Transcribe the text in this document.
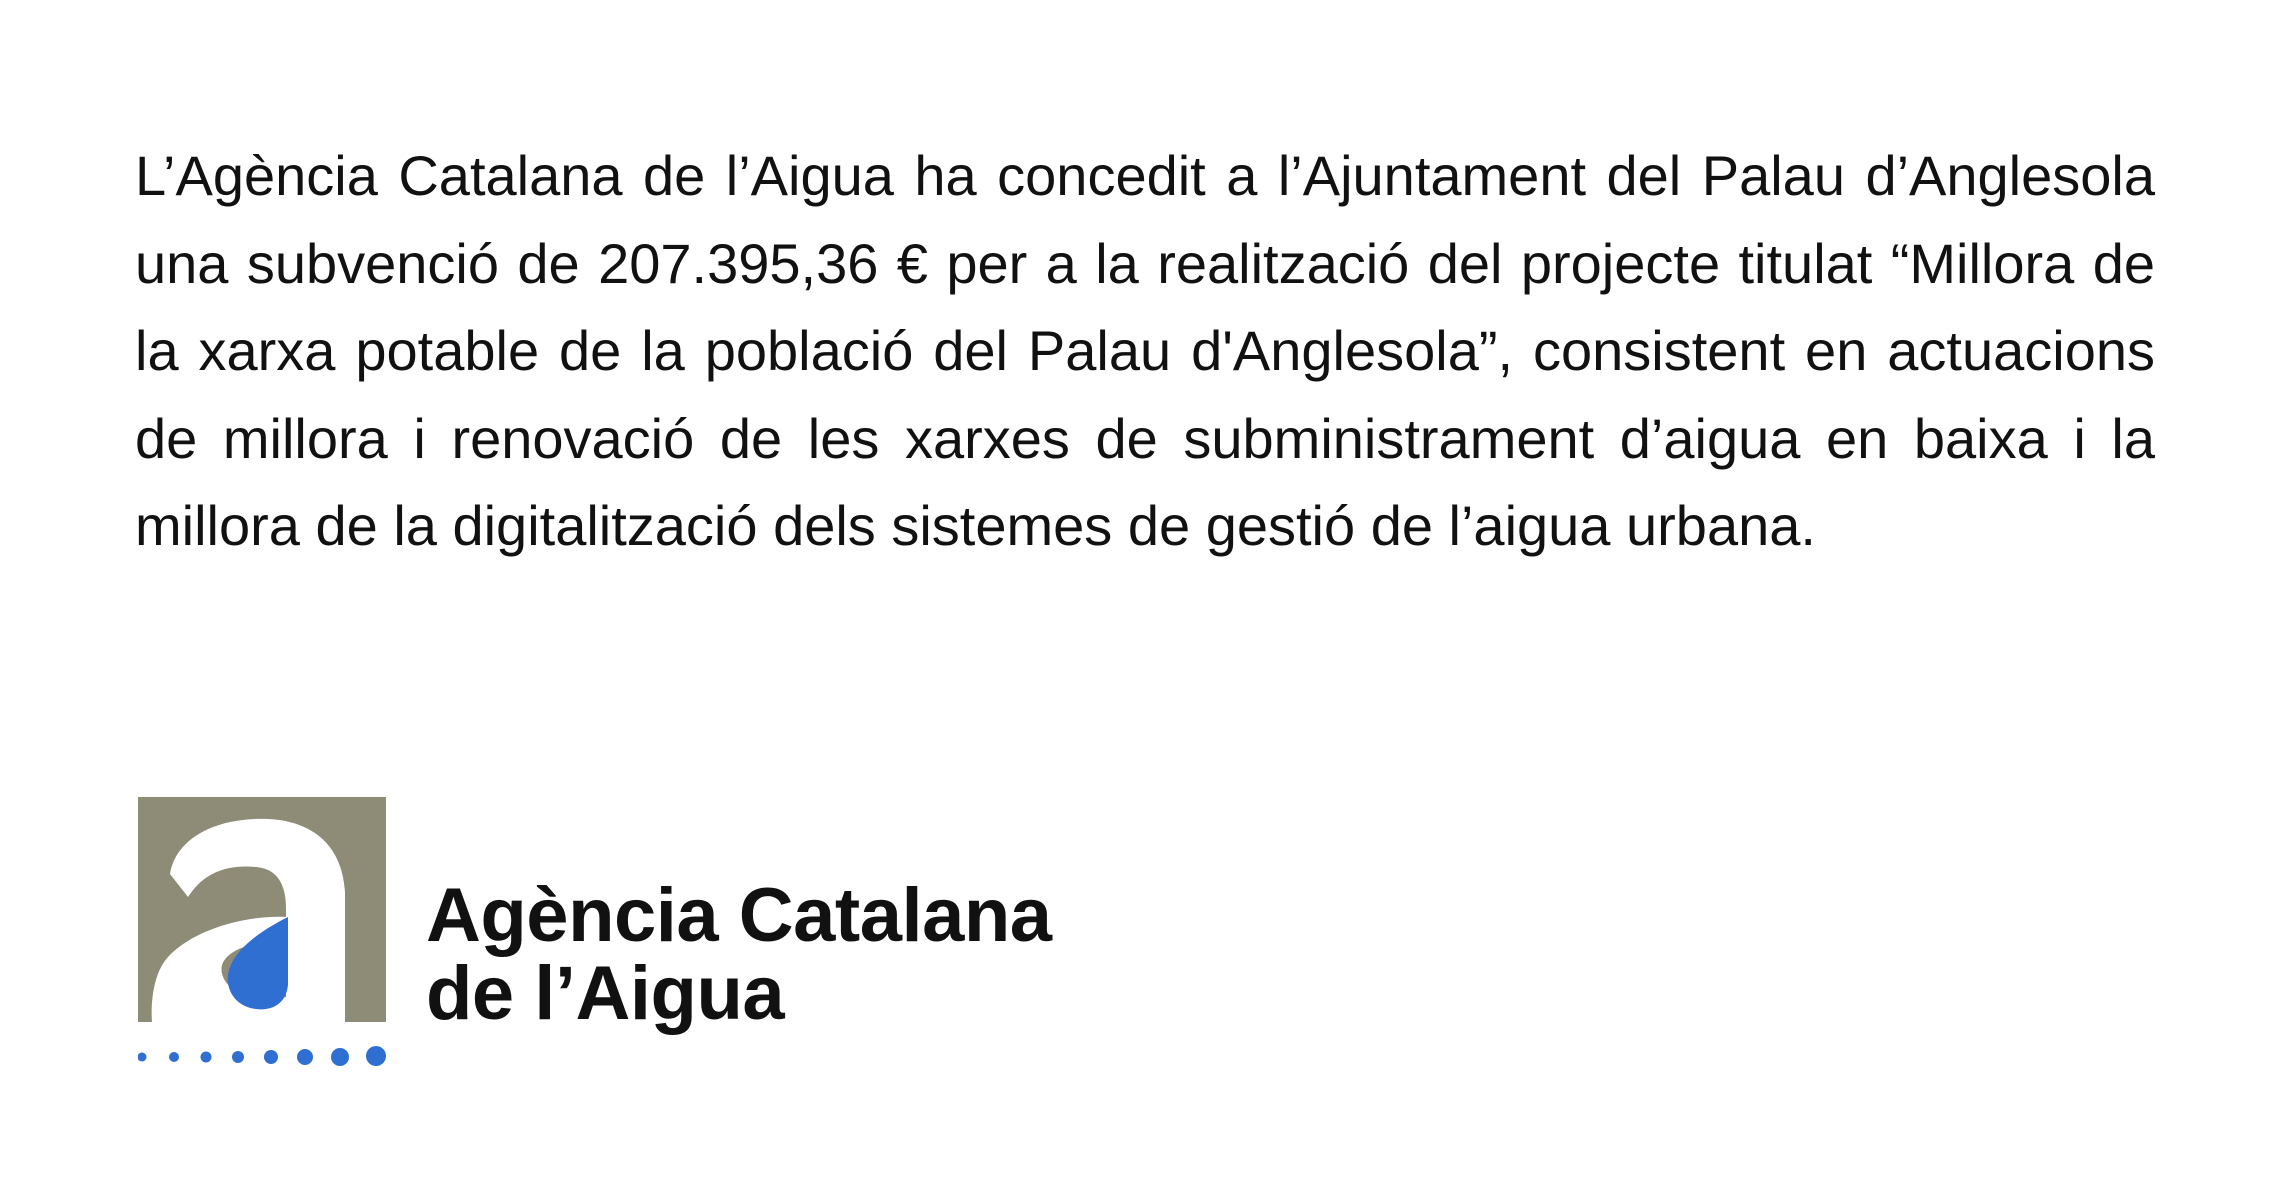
L’Agència Catalana de l’Aigua ha concedit a l’Ajuntament del Palau d’Anglesola una subvenció de 207.395,36 € per a la realització del projecte titulat “Millora de la xarxa potable de la població del Palau d'Anglesola”, consistent en actuacions de millora i renovació de les xarxes de subministrament d’aigua en baixa i la millora de la digitalització dels sistemes de gestió de l’aigua urbana.
Agència Catalana
de l’Aigua
